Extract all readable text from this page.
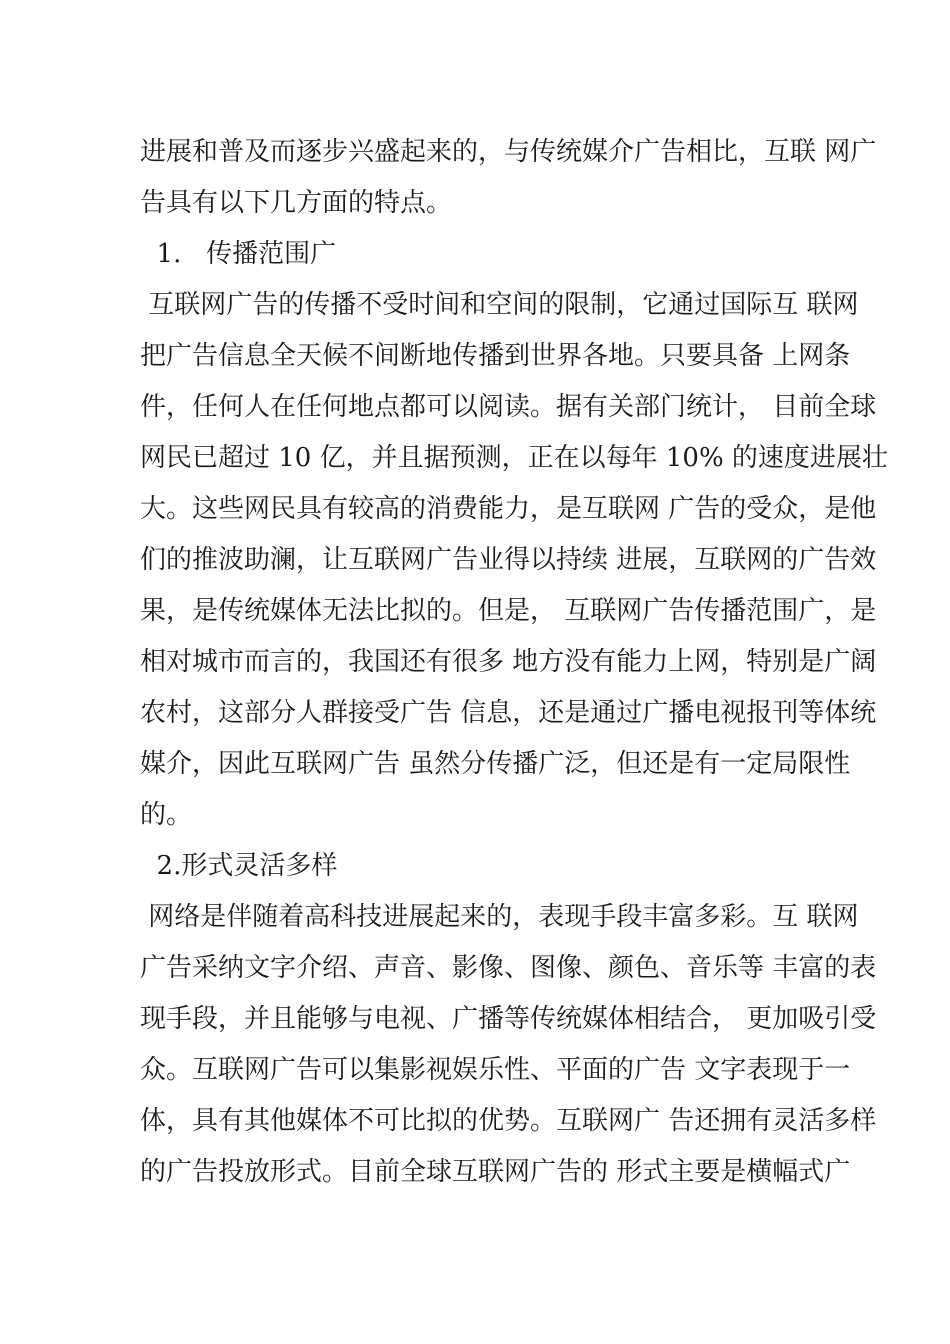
进展和普及而逐步兴盛起来的，与传统媒介广告相比，互联 网广
告具有以下几方面的特点。
1.   传播范围广
互联网广告的传播不受时间和空间的限制，它通过国际互 联网
把广告信息全天候不间断地传播到世界各地。只要具备 上网条
件，任何人在任何地点都可以阅读。据有关部门统计， 目前全球
网民已超过 10 亿，并且据预测，正在以每年 10% 的速度进展壮
大。这些网民具有较高的消费能力，是互联网 广告的受众，是他
们的推波助澜，让互联网广告业得以持续 进展，互联网的广告效
果，是传统媒体无法比拟的。但是， 互联网广告传播范围广，是
相对城市而言的，我国还有很多 地方没有能力上网，特别是广阔
农村，这部分人群接受广告 信息，还是通过广播电视报刊等体统
媒介，因此互联网广告 虽然分传播广泛，但还是有一定局限性
的。
2.形式灵活多样
网络是伴随着高科技进展起来的，表现手段丰富多彩。互 联网
广告采纳文字介绍、声音、影像、图像、颜色、音乐等 丰富的表
现手段，并且能够与电视、广播等传统媒体相结合， 更加吸引受
众。互联网广告可以集影视娱乐性、平面的广告 文字表现于一
体，具有其他媒体不可比拟的优势。互联网广 告还拥有灵活多样
的广告投放形式。目前全球互联网广告的 形式主要是横幅式广
